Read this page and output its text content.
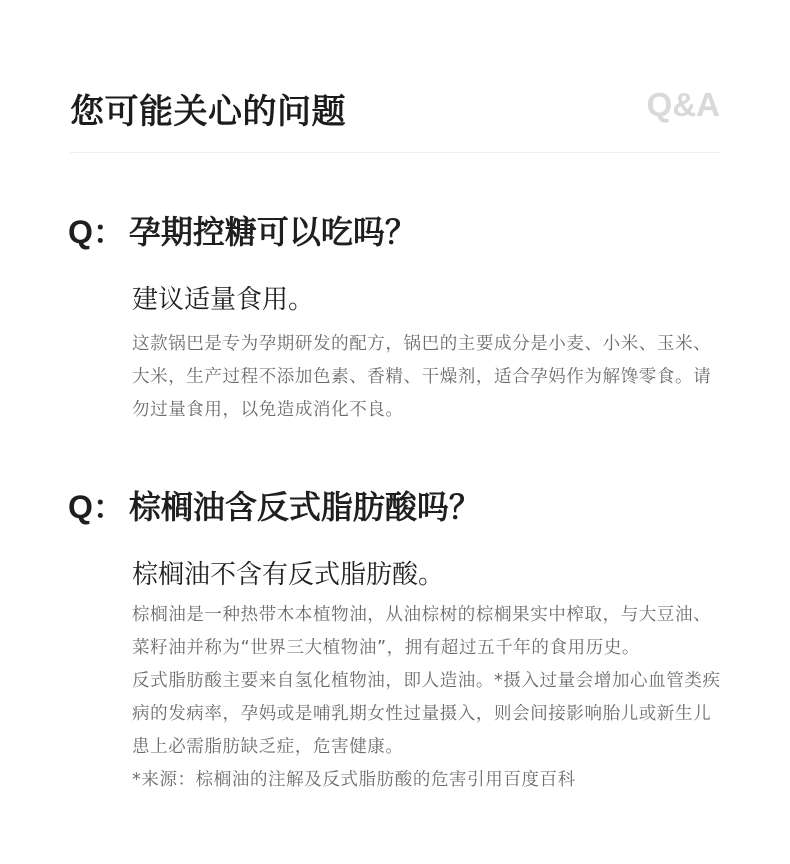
您可能关心的问题	Q&A
Q： 孕期控糖可以吃吗？
建议适量食用。

这款锅巴是专为孕期研发的配方，锅巴的主要成分是小麦、小米、玉米、大米，生产过程不添加色素、香精、干燥剂，适合孕妈作为解馋零食。请勿过量食用，以免造成消化不良。

Q： 棕榈油含反式脂肪酸吗？
棕榈油不含有反式脂肪酸。

棕榈油是一种热带木本植物油，从油棕树的棕榈果实中榨取，与大豆油、菜籽油并称为“世界三大植物油”，拥有超过五千年的食用历史。

反式脂肪酸主要来自氢化植物油，即人造油。*摄入过量会增加心血管类疾病的发病率，孕妈或是哺乳期女性过量摄入，则会间接影响胎儿或新生儿患上必需脂肪缺乏症，危害健康。

*来源：棕榈油的注解及反式脂肪酸的危害引用百度百科
